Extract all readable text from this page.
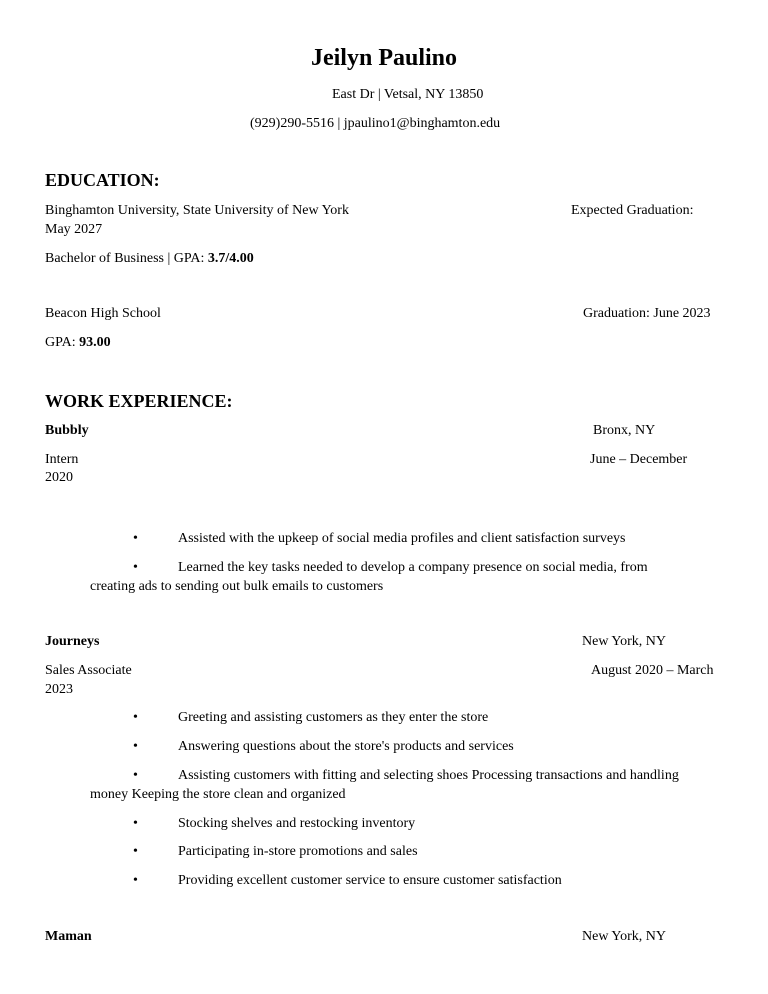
Jeilyn Paulino
East Dr | Vetsal, NY 13850
(929)290-5516 | jpaulino1@binghamton.edu
EDUCATION:
Binghamton University, State University of New York	Expected Graduation:
May 2027
Bachelor of Business | GPA: 3.7/4.00
Beacon High School	Graduation: June 2023
GPA: 93.00
WORK EXPERIENCE:
Bubbly	Bronx, NY
Intern	June – December
2020
•	Assisted with the upkeep of social media profiles and client satisfaction surveys
•	Learned the key tasks needed to develop a company presence on social media, from
creating ads to sending out bulk emails to customers
Journeys	New York, NY
Sales Associate	August 2020 – March
2023
•	Greeting and assisting customers as they enter the store
•	Answering questions about the store's products and services
•	Assisting customers with fitting and selecting shoes Processing transactions and handling
money Keeping the store clean and organized
•	Stocking shelves and restocking inventory
•	Participating in-store promotions and sales
•	Providing excellent customer service to ensure customer satisfaction
Maman	New York, NY
